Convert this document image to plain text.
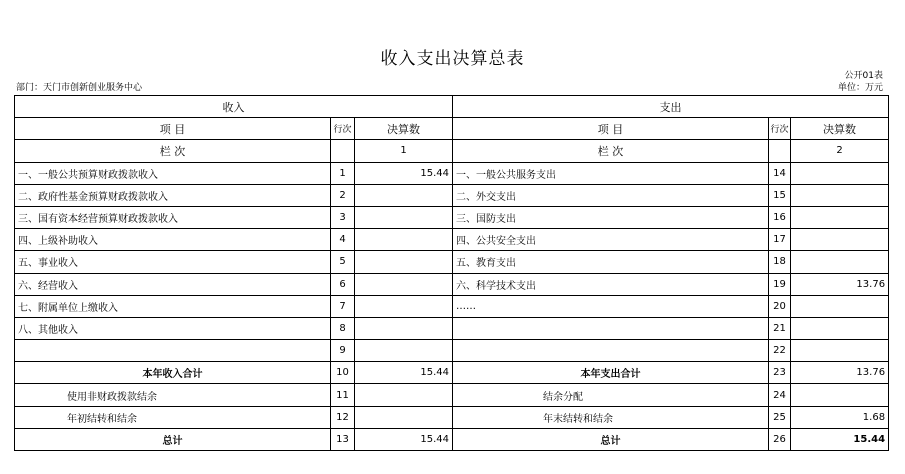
收入支出决算总表
部门：天门市创新创业服务中心
公开01表
单位：万元
收入			支出		
项 目	行次	决算数	项 目	行次	决算数
栏 次		1	栏 次		2
一、一般公共预算财政拨款收入	1	15.44	一、一般公共服务支出	14	
二、政府性基金预算财政拨款收入	2		二、外交支出	15	
三、国有资本经营预算财政拨款收入	3		三、国防支出	16	
四、上级补助收入	4		四、公共安全支出	17	
五、事业收入	5		五、教育支出	18	
六、经营收入	6		六、科学技术支出	19	13.76
七、附属单位上缴收入	7		……	20	
八、其他收入	8			21	
	9			22	
本年收入合计	10	15.44	本年支出合计	23	13.76
使用非财政拨款结余	11		结余分配	24	
年初结转和结余	12		年末结转和结余	25	1.68
总计	13	15.44	总计	26	15.44
